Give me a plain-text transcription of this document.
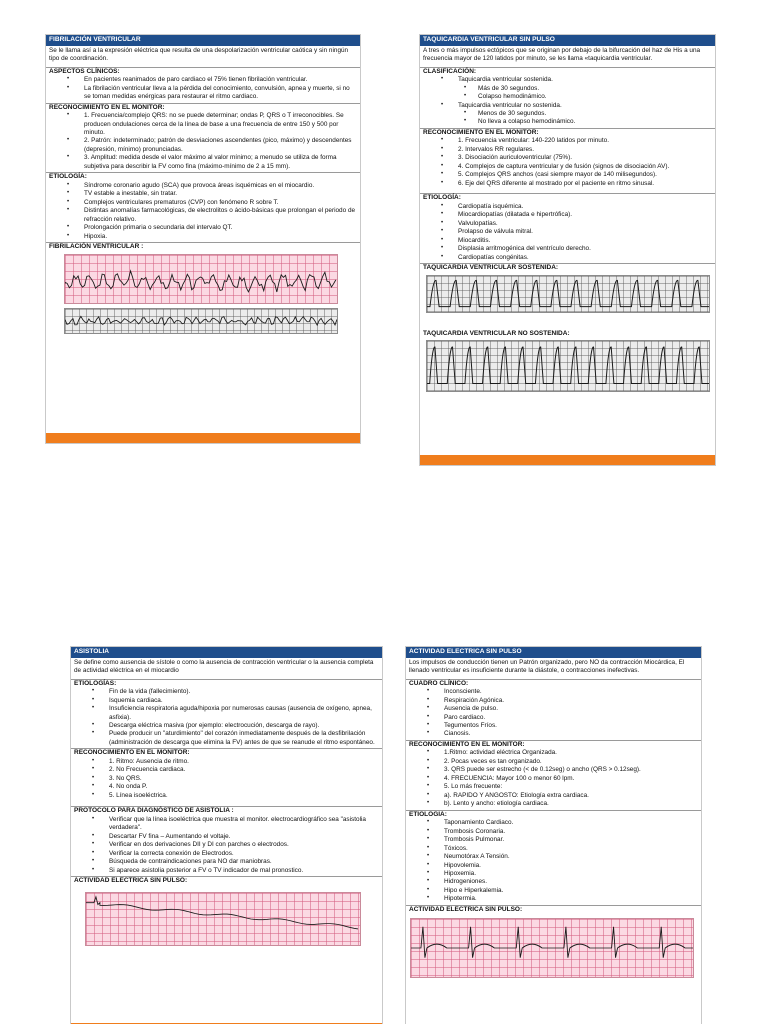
FIBRILACIÓN VENTRICULAR
Se le llama así a la expresión eléctrica que resulta de una despolarización ventricular caótica y sin ningún tipo de coordinación.
ASPECTOS CLÍNICOS:
• En pacientes reanimados de paro cardiaco el 75% tienen fibrilación ventricular.
• La fibrilación ventricular lleva a la pérdida del conocimiento, convulsión, apnea y muerte, si no se toman medidas enérgicas para restaurar el ritmo cardiaco.
RECONOCIMIENTO EN EL MONITOR:
• 1. Frecuencia/complejo QRS: no se puede determinar; ondas P, QRS o T irreconocibles. Se producen ondulaciones cerca de la línea de base a una frecuencia de entre 150 y 500 por minuto.
• 2. Patrón: indeterminado; patrón de desviaciones ascendentes (pico, máximo) y descendentes (depresión, mínimo) pronunciadas.
• 3. Amplitud: medida desde el valor máximo al valor mínimo; a menudo se utiliza de forma subjetiva para describir la FV como fina (máximo-mínimo de 2 a 15 mm).
ETIOLOGÍA:
• Síndrome coronario agudo (SCA) que provoca áreas isquémicas en el miocardio.
• TV estable a inestable, sin tratar.
• Complejos ventriculares prematuros (CVP) con fenómeno R sobre T.
• Distintas anomalías farmacológicas, de electrolitos o ácido-básicas que prolongan el periodo de refracción relativo.
• Prolongación primaria o secundaria del intervalo QT.
• Hipoxia.
FIBRILACIÓN VENTRICULAR :
TAQUICARDIA VENTRICULAR SIN PULSO
A tres o más impulsos ectópicos que se originan por debajo de la bifurcación del haz de His a una frecuencia mayor de 120 latidos por minuto, se les llama «taquicardia ventricular.
CLASIFICACIÓN:
• Taquicardia ventricular sostenida.
• Más de 30 segundos.
• Colapso hemodinámico.
• Taquicardia ventricular no sostenida.
• Menos de 30 segundos.
• No lleva a colapso hemodinámico.
RECONOCIMIENTO EN EL MONITOR:
• 1. Frecuencia ventricular: 140-220 latidos por minuto.
• 2. Intervalos RR regulares.
• 3. Disociación auriculoventricular (75%).
• 4. Complejos de captura ventricular y de fusión (signos de disociación AV).
• 5. Complejos QRS anchos (casi siempre mayor de 140 milisegundos).
• 6. Eje del QRS diferente al mostrado por el paciente en ritmo sinusal.
ETIOLOGÍA:
• Cardiopatía isquémica.
• Miocardiopatías (dilatada e hipertrófica).
• Valvulopatías.
• Prolapso de válvula mitral.
• Miocarditis.
• Displasia arritmogénica del ventrículo derecho.
• Cardiopatías congénitas.
TAQUICARDIA VENTRICULAR SOSTENIDA:
TAQUICARDIA VENTRICULAR NO SOSTENIDA:
ASISTOLIA
Se define como ausencia de sístole o como la ausencia de contracción ventricular o la ausencia completa de actividad eléctrica en el miocardio
ETIOLOGÍAS:
• Fin de la vida (fallecimiento).
• Isquemia cardiaca.
• Insuficiencia respiratoria aguda/hipoxia por numerosas causas (ausencia de oxígeno, apnea, asfixia).
• Descarga eléctrica masiva (por ejemplo: electrocución, descarga de rayo).
• Puede producir un "aturdimiento" del corazón inmediatamente después de la desfibrilación (administración de descarga que elimina la FV) antes de que se reanude el ritmo espontáneo.
RECONOCIMIENTO EN EL MONITOR:
• 1. Ritmo: Ausencia de ritmo.
• 2. No Frecuencia cardiaca.
• 3. No QRS.
• 4. No onda P.
• 5. Línea isoeléctrica.
PROTOCOLO PARA DIAGNÓSTICO DE ASISTOLIA :
• Verificar que la línea isoeléctrica que muestra el monitor. electrocardiográfico sea "asistolia verdadera".
• Descartar FV fina – Aumentando el voltaje.
• Verificar en dos derivaciones DII y DI con parches o electrodos.
• Verificar la correcta conexión de Electrodos.
• Búsqueda de contraindicaciones para NO dar maniobras.
• Si aparece asistolia posterior a FV o TV indicador de mal pronostico.
ACTIVIDAD ELECTRICA SIN PULSO:
ACTIVIDAD ELECTRICA SIN PULSO
Los impulsos de conducción tienen un Patrón organizado, pero NO da contracción Miocárdica, El llenado ventricular es insuficiente durante la diástole, o contracciones inefectivas.
CUADRO CLÍNICO:
• Inconsciente.
• Respiración Agónica.
• Ausencia de pulso.
• Paro cardiaco.
• Tegumentos Fríos.
• Cianosis.
RECONOCIMIENTO EN EL MONITOR:
• 1.Ritmo: actividad eléctrica Organizada.
• 2. Pocas veces es tan organizado.
• 3. QRS puede ser estrecho (< de 0.12seg) o ancho (QRS > 0.12seg).
• 4. FRECUENCIA: Mayor 100 o menor 60 lpm.
• 5. Lo más frecuente:
• a). RAPIDO Y ANGOSTO: Etiología extra cardiaca.
• b). Lento y ancho: etiología cardiaca.
ETIOLOGIA:
• Taponamiento Cardiaco.
• Trombosis Coronaria.
• Trombosis Pulmonar.
• Tóxicos.
• Neumotórax A Tensión.
• Hipovolemia.
• Hipoxemia.
• Hidrogeniones.
• Hipo e Hiperkalemia.
• Hipotermia.
ACTIVIDAD ELECTRICA SIN PULSO:
